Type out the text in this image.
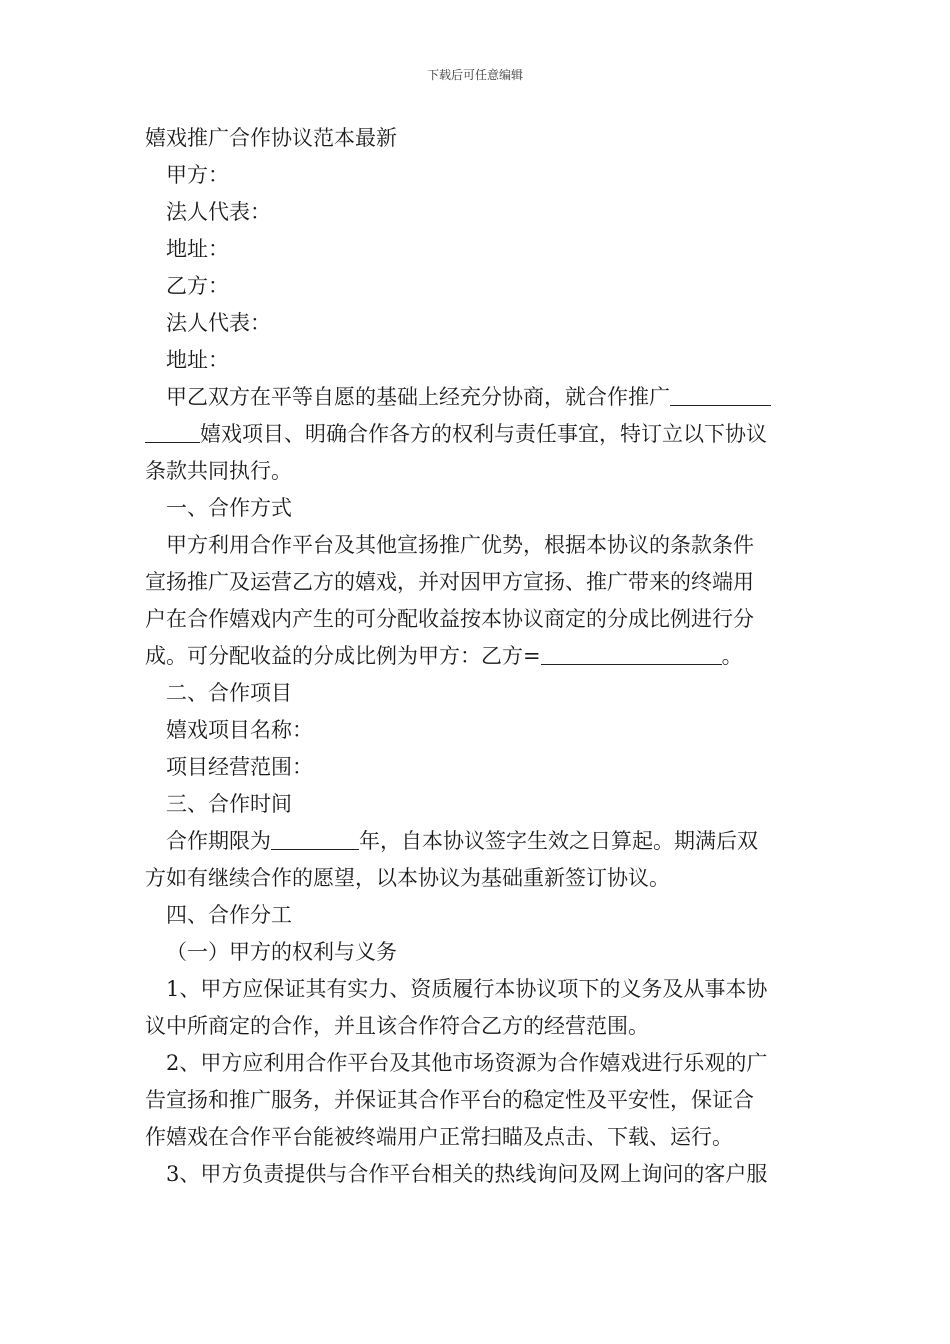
下载后可任意编辑
嬉戏推广合作协议范本最新
甲方：
法人代表：
地址：
乙方：
法人代表：
地址：
甲乙双方在平等自愿的基础上经充分协商，就合作推广
嬉戏项目、明确合作各方的权利与责任事宜，特订立以下协议
条款共同执行。
一、合作方式
甲方利用合作平台及其他宣扬推广优势，根据本协议的条款条件
宣扬推广及运营乙方的嬉戏，并对因甲方宣扬、推广带来的终端用
户在合作嬉戏内产生的可分配收益按本协议商定的分成比例进行分
成。可分配收益的分成比例为甲方：乙方=	。
二、合作项目
嬉戏项目名称：
项目经营范围：
三、合作时间
合作期限为	年，自本协议签字生效之日算起。期满后双
方如有继续合作的愿望，以本协议为基础重新签订协议。
四、合作分工
（一）甲方的权利与义务
1、甲方应保证其有实力、资质履行本协议项下的义务及从事本协
议中所商定的合作，并且该合作符合乙方的经营范围。
2、甲方应利用合作平台及其他市场资源为合作嬉戏进行乐观的广
告宣扬和推广服务，并保证其合作平台的稳定性及平安性，保证合
作嬉戏在合作平台能被终端用户正常扫瞄及点击、下载、运行。
3、甲方负责提供与合作平台相关的热线询问及网上询问的客户服
